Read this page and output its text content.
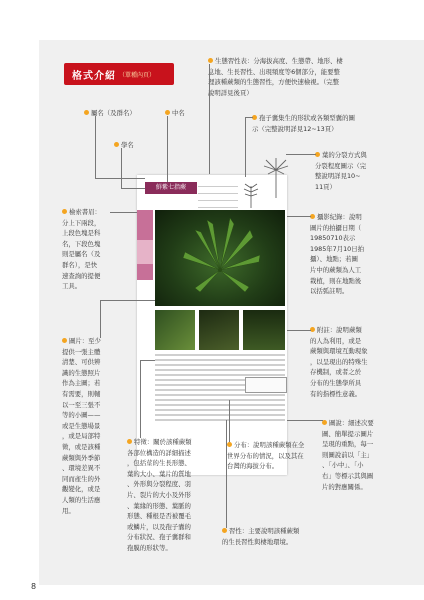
8
格式介紹 （單種內頁）
鮮紫七指蕨
生態習性表：分海拔高度、生態帶、地形、棲
息地、生長習性、出現頻度等6個部分，能要整
理該種蕨類的生態習性，方便快速檢視。（完整
說明詳見後頁）
孢子囊集生的形狀或各類型囊的圖
示（完整說明詳見12∼13頁）
葉的分裂方式與
分裂程度圖示（完
整說明詳見10∼
11頁）
屬名（及群名）	中名
學名
檢索書眉：
分上下兩段，
上段色塊是科
名，下段色塊
則是屬名（及
群名），是快
速查詢的提便
工具。
攝影紀錄：說明
圖片的拍攝日期（
19850710表示
1985年7月10日拍
攝）、地點；若圖
片中的蕨類為人工
栽植，則在地點後
以括弧註明。
圖片：至少
提供一張主體
清楚、可供辨
識的生態照片
作為主圖；若
有需要，則輔
以一至三張不
等的小圖——
或是生態場景
，或是局部特
徵，或是該種
蕨類與外季節
、環境差異不
同而產生的外
觀變化，或是
人類的生活應
用。
附註：說明蕨類
的人為利用，或是
蕨類與環境互動現象
，以呈現出的特殊生
存機制，或者之於
分布的生態學所具
有的指標性意義。
特徵：關於該種蕨類
各部位構造的詳細描述
，包括莖的生長形態、
葉的大小、葉片的質地
、外形與分裂程度、羽
片、裂片的大小及外形
、葉緣的形態、葉脈的
形態、種根是否被覆毛
或鱗片，以及孢子囊的
分布狀況、孢子囊群和
孢膜的形狀等。
分布：說明該種蕨類在全
世界分布的情況，以及其在
台灣的海拔分布。
習性：主要說明該種蕨類
的生長習性與棲地環境。
圖說：細述次要
圖、簡單提示圖片
呈現的重點，每一
則圖說前以「主」
、「小中」、「小
右」等標示其與圖
片的對應關係。
